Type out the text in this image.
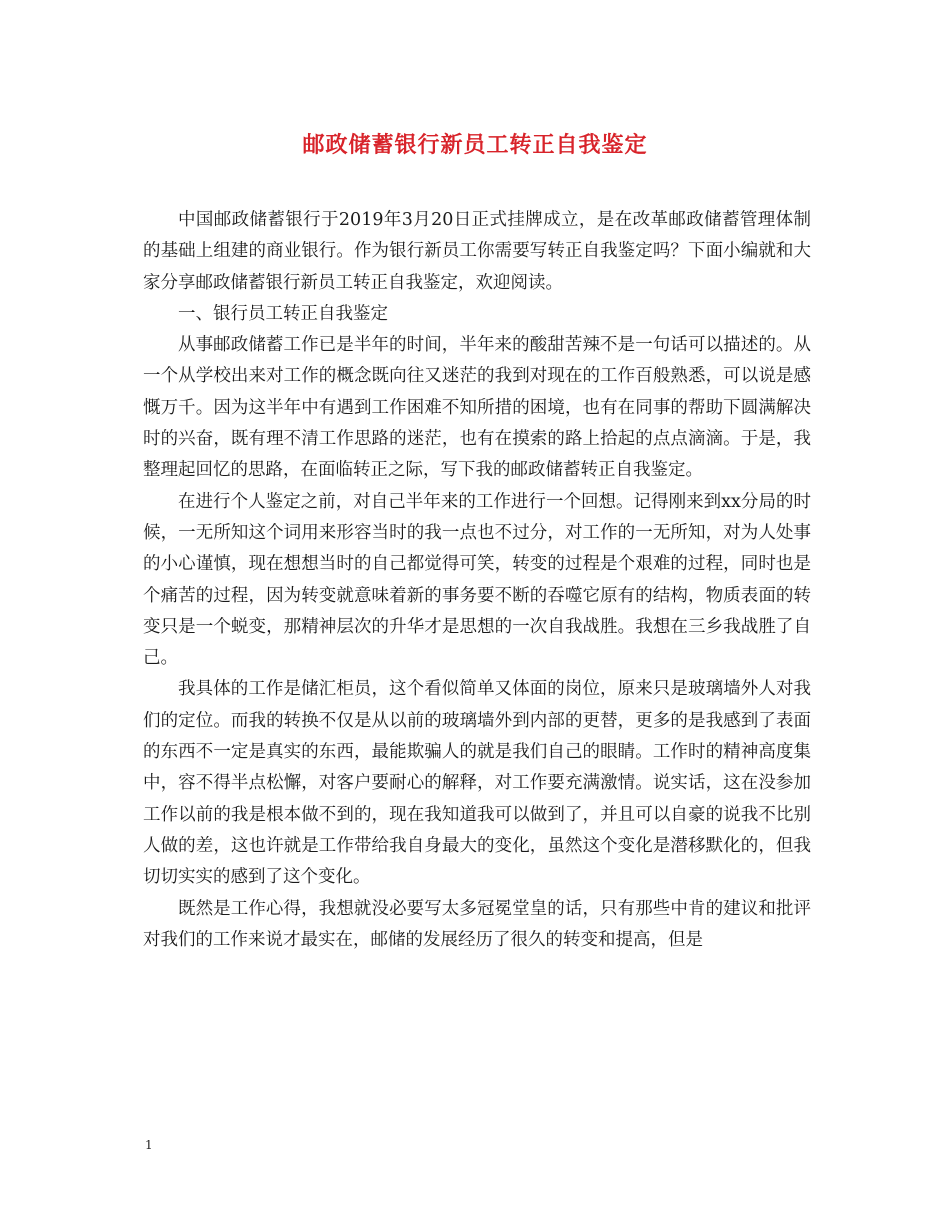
邮政储蓄银行新员工转正自我鉴定

中国邮政储蓄银行于2019年3月20日正式挂牌成立，是在改革邮政储蓄管理体制的基础上组建的商业银行。作为银行新员工你需要写转正自我鉴定吗？下面小编就和大家分享邮政储蓄银行新员工转正自我鉴定，欢迎阅读。

一、银行员工转正自我鉴定

从事邮政储蓄工作已是半年的时间，半年来的酸甜苦辣不是一句话可以描述的。从一个从学校出来对工作的概念既向往又迷茫的我到对现在的工作百般熟悉，可以说是感慨万千。因为这半年中有遇到工作困难不知所措的困境，也有在同事的帮助下圆满解决时的兴奋，既有理不清工作思路的迷茫，也有在摸索的路上拾起的点点滴滴。于是，我整理起回忆的思路，在面临转正之际，写下我的邮政储蓄转正自我鉴定。

在进行个人鉴定之前，对自己半年来的工作进行一个回想。记得刚来到xx分局的时候，一无所知这个词用来形容当时的我一点也不过分，对工作的一无所知，对为人处事的小心谨慎，现在想想当时的自己都觉得可笑，转变的过程是个艰难的过程，同时也是个痛苦的过程，因为转变就意味着新的事务要不断的吞噬它原有的结构，物质表面的转变只是一个蜕变，那精神层次的升华才是思想的一次自我战胜。我想在三乡我战胜了自己。

我具体的工作是储汇柜员，这个看似简单又体面的岗位，原来只是玻璃墙外人对我们的定位。而我的转换不仅是从以前的玻璃墙外到内部的更替，更多的是我感到了表面的东西不一定是真实的东西，最能欺骗人的就是我们自己的眼睛。工作时的精神高度集中，容不得半点松懈，对客户要耐心的解释，对工作要充满激情。说实话，这在没参加工作以前的我是根本做不到的，现在我知道我可以做到了，并且可以自豪的说我不比别人做的差，这也许就是工作带给我自身最大的变化，虽然这个变化是潜移默化的，但我切切实实的感到了这个变化。

既然是工作心得，我想就没必要写太多冠冕堂皇的话，只有那些中肯的建议和批评对我们的工作来说才最实在，邮储的发展经历了很久的转变和提高，但是

1
